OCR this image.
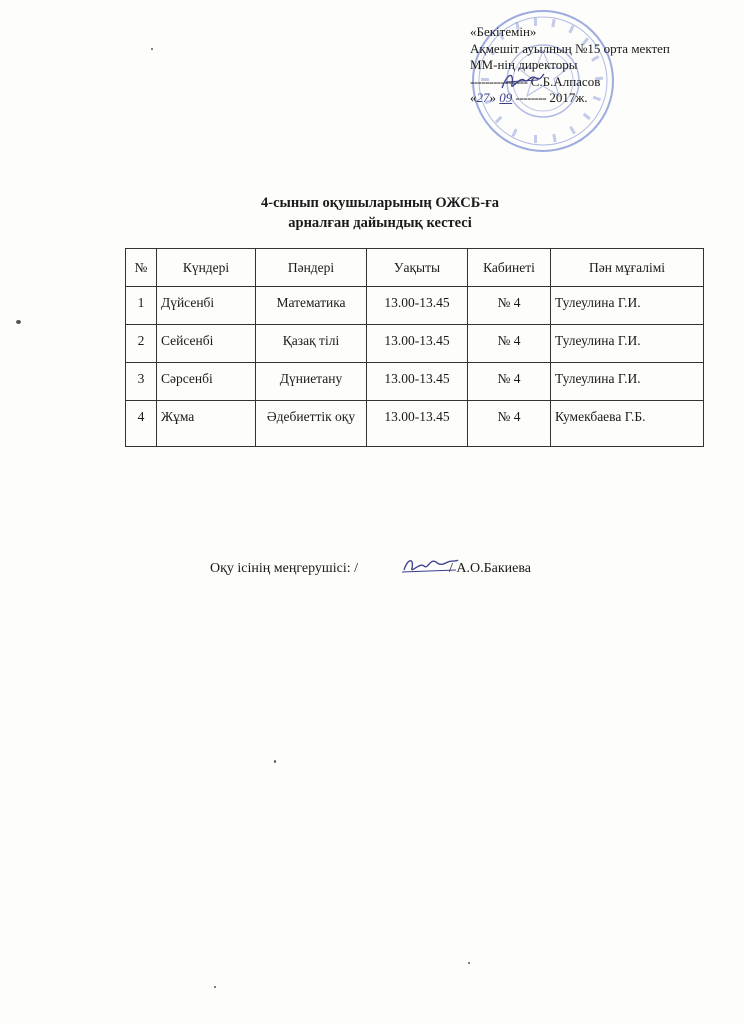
«Бекітемін»
Ақмешіт ауылның №15 орта мектеп
ММ-нің директоры
--------------- С.Б.Алпасов
«27» 09 -------- 2017ж.
4-сынып оқушыларының ОЖСБ-ға
арналған дайындық кестесі
№	Күндері	Пәндері	Уақыты	Кабинеті	Пән мұғалімі
1	Дүйсенбі	Математика	13.00-13.45	№ 4	Тулеулина Г.И.
2	Сейсенбі	Қазақ тілі	13.00-13.45	№ 4	Тулеулина Г.И.
3	Сәрсенбі	Дүниетану	13.00-13.45	№ 4	Тулеулина Г.И.
4	Жұма	Әдебиеттік оқу	13.00-13.45	№ 4	Кумекбаева Г.Б.
Оқу ісінің меңгерушісі: /	/ А.О.Бакиева
